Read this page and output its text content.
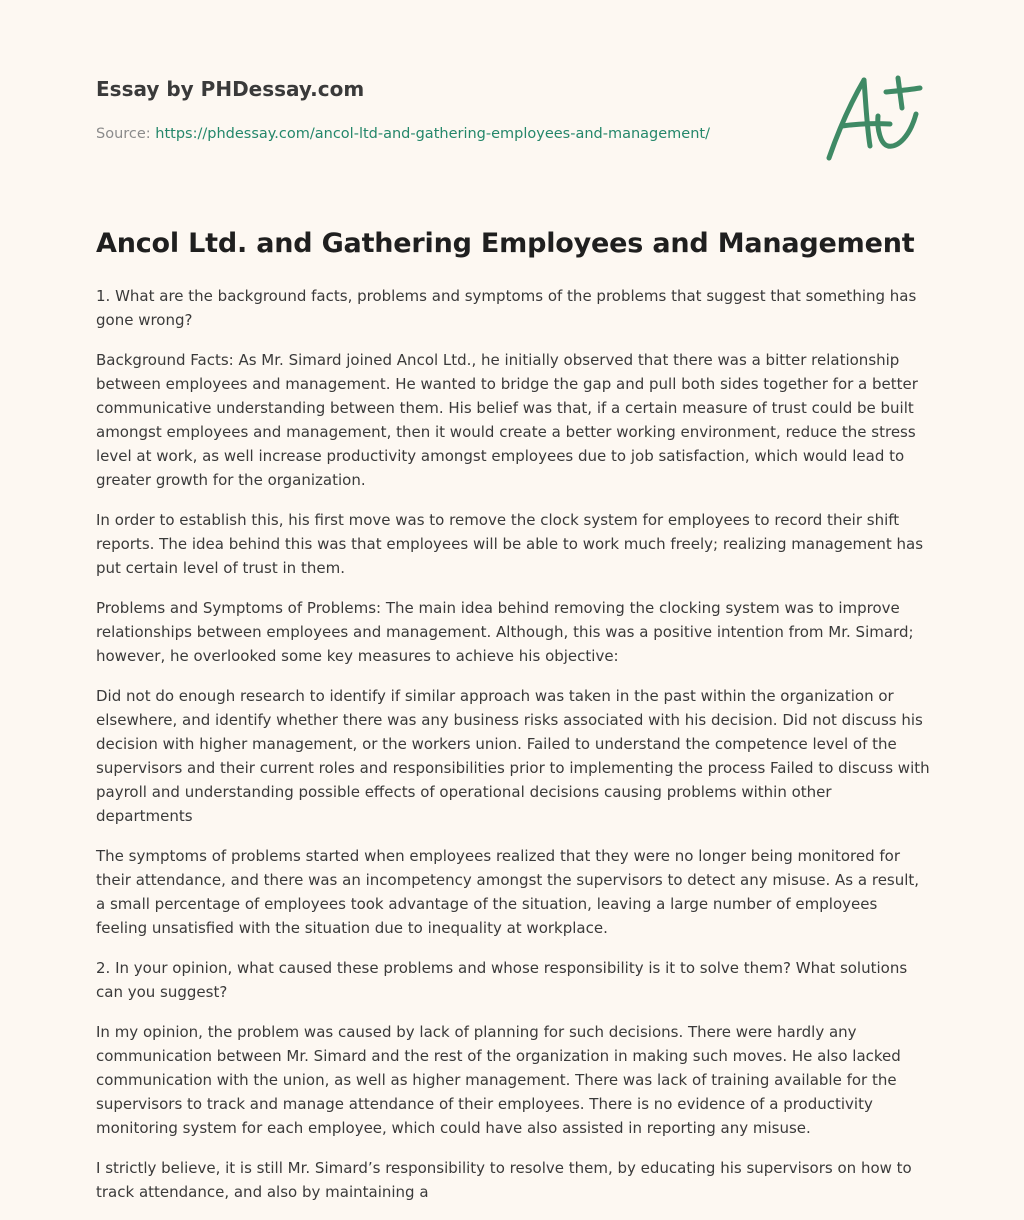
Essay by PHDessay.com
Source: https://phdessay.com/ancol-ltd-and-gathering-employees-and-management/
Ancol Ltd. and Gathering Employees and Management

1. What are the background facts, problems and symptoms of the problems that suggest that something has gone wrong?

Background Facts: As Mr. Simard joined Ancol Ltd., he initially observed that there was a bitter relationship between employees and management. He wanted to bridge the gap and pull both sides together for a better communicative understanding between them. His belief was that, if a certain measure of trust could be built amongst employees and management, then it would create a better working environment, reduce the stress level at work, as well increase productivity amongst employees due to job satisfaction, which would lead to greater growth for the organization.

In order to establish this, his first move was to remove the clock system for employees to record their shift reports. The idea behind this was that employees will be able to work much freely; realizing management has put certain level of trust in them.

Problems and Symptoms of Problems: The main idea behind removing the clocking system was to improve relationships between employees and management. Although, this was a positive intention from Mr. Simard; however, he overlooked some key measures to achieve his objective:

Did not do enough research to identify if similar approach was taken in the past within the organization or elsewhere, and identify whether there was any business risks associated with his decision. Did not discuss his decision with higher management, or the workers union. Failed to understand the competence level of the supervisors and their current roles and responsibilities prior to implementing the process Failed to discuss with payroll and understanding possible effects of operational decisions causing problems within other departments

The symptoms of problems started when employees realized that they were no longer being monitored for their attendance, and there was an incompetency amongst the supervisors to detect any misuse. As a result, a small percentage of employees took advantage of the situation, leaving a large number of employees feeling unsatisfied with the situation due to inequality at workplace.

2. In your opinion, what caused these problems and whose responsibility is it to solve them? What solutions can you suggest?

In my opinion, the problem was caused by lack of planning for such decisions. There were hardly any communication between Mr. Simard and the rest of the organization in making such moves. He also lacked communication with the union, as well as higher management. There was lack of training available for the supervisors to track and manage attendance of their employees. There is no evidence of a productivity monitoring system for each employee, which could have also assisted in reporting any misuse.

I strictly believe, it is still Mr. Simard’s responsibility to resolve them, by educating his supervisors on how to track attendance, and also by maintaining a
